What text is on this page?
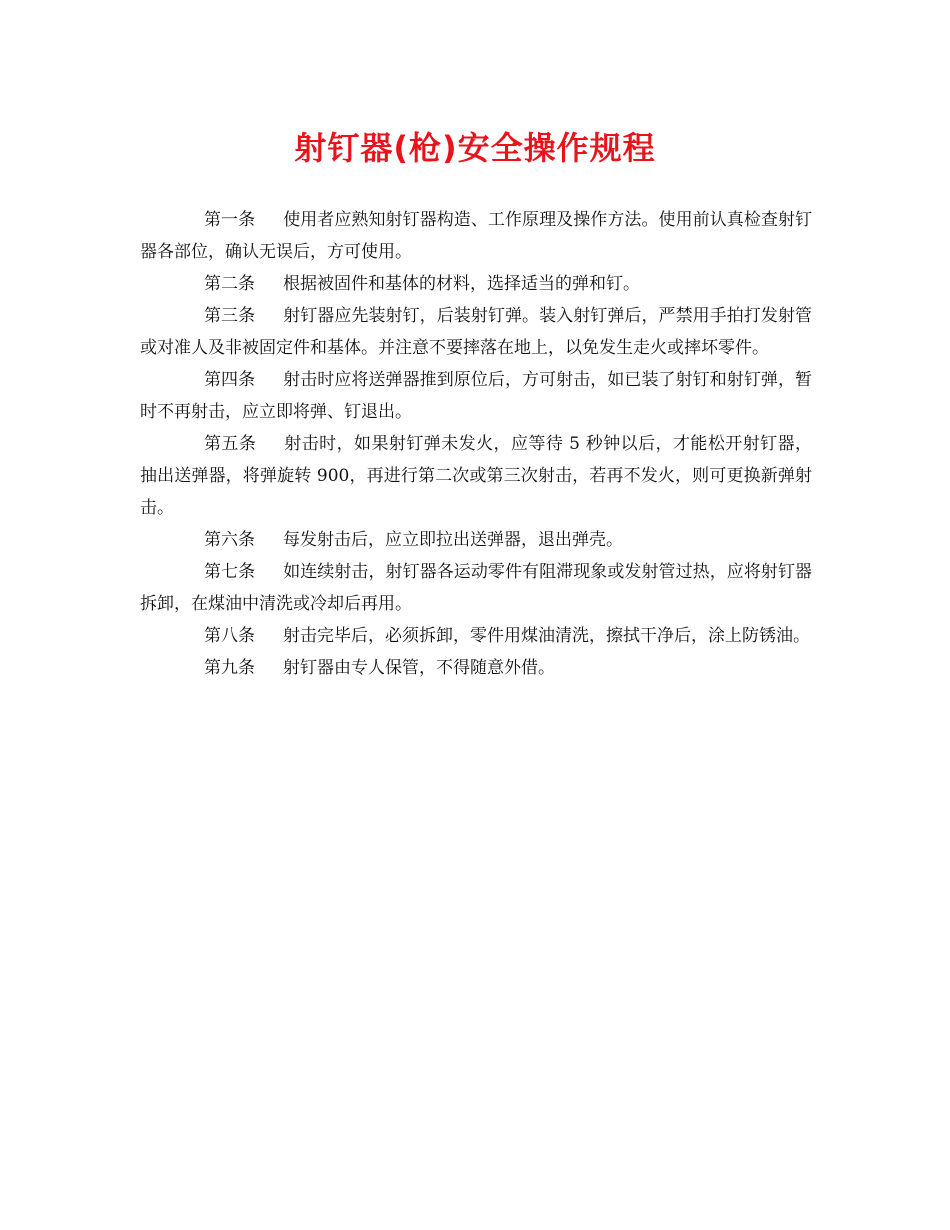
射钉器(枪)安全操作规程

第一条 使用者应熟知射钉器构造、工作原理及操作方法。使用前认真检查射钉器各部位，确认无误后，方可使用。

第二条 根据被固件和基体的材料，选择适当的弹和钉。

第三条 射钉器应先装射钉，后装射钉弹。装入射钉弹后，严禁用手拍打发射管或对准人及非被固定件和基体。并注意不要摔落在地上，以免发生走火或摔坏零件。

第四条 射击时应将送弹器推到原位后，方可射击，如已装了射钉和射钉弹，暂时不再射击，应立即将弹、钉退出。

第五条 射击时，如果射钉弹未发火，应等待 5 秒钟以后，才能松开射钉器，抽出送弹器，将弹旋转 900，再进行第二次或第三次射击，若再不发火，则可更换新弹射击。

第六条 每发射击后，应立即拉出送弹器，退出弹壳。

第七条 如连续射击，射钉器各运动零件有阻滞现象或发射管过热，应将射钉器拆卸，在煤油中清洗或冷却后再用。

第八条 射击完毕后，必须拆卸，零件用煤油清洗，擦拭干净后，涂上防锈油。

第九条 射钉器由专人保管，不得随意外借。
